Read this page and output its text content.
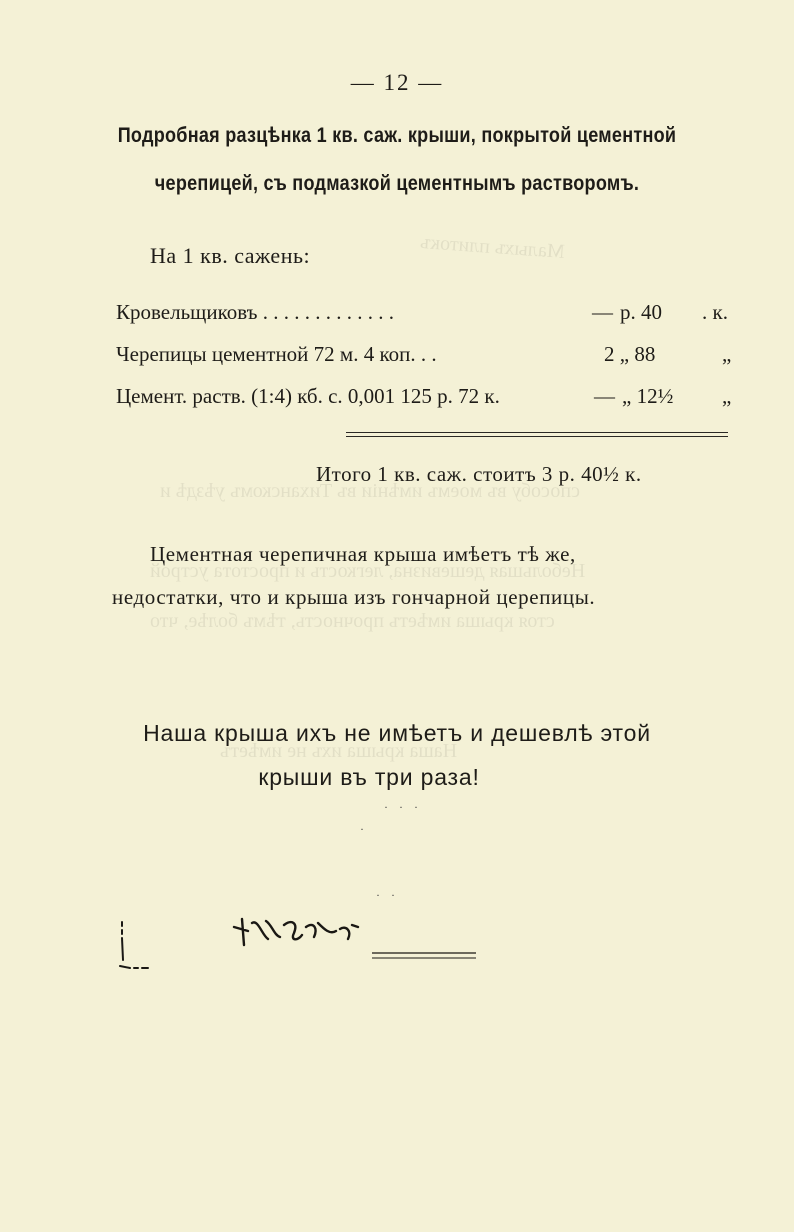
Малыхъ плитокъ
способу въ моемъ имѣніи въ Тиханскомъ уѣздѣ и
Небольшая дешевизна, легкость и простота устрой
стоя крыша имѣетъ прочность, тѣмъ болѣе, что
Наша крыша ихъ не имѣетъ
— 12 —
Подробная разцѣнка 1 кв. саж. крыши, покрытой цементной
черепицей, съ подмазкой цементнымъ растворомъ.
На 1 кв. сажень:
Кровельщиковъ . . . . . . . . . . . . .	— р. 40 . к.
Черепицы цементной 72 м. 4 коп. . .	2 „ 88	„
Цемент. раств. (1:4) кб. с. 0,001 125 р. 72 к.	— „ 12½ „
Итого 1 кв. саж. стоитъ 3 р. 40½ к.
Цементная черепичная крыша имѣетъ тѣ же,
недостатки, что и крыша изъ гончарной церепицы.
Наша крыша ихъ не имѣетъ и дешевлѣ этой
крыши въ три раза!
· · ·
·
· ·
